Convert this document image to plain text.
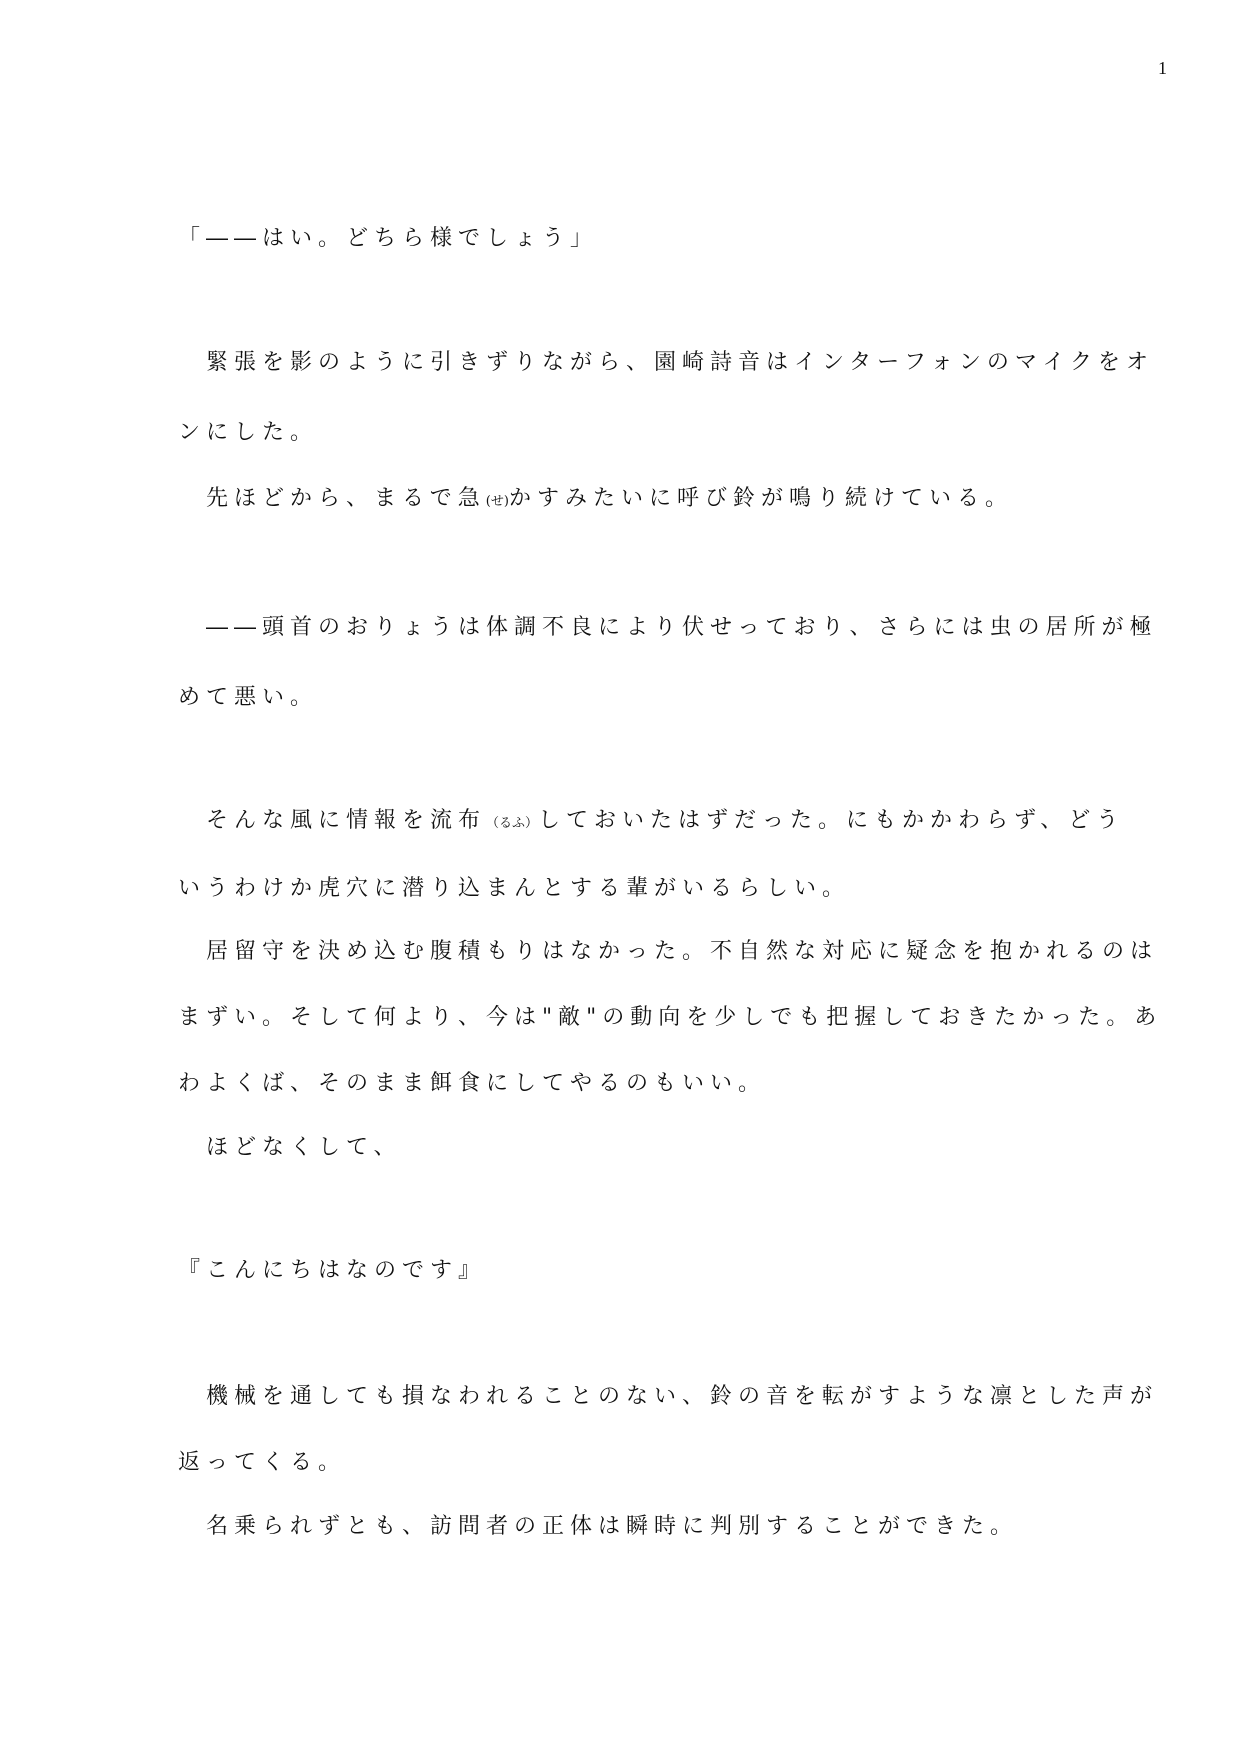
1
「――はい。どちら様でしょう」
　緊張を影のように引きずりながら、園崎詩音はインターフォンのマイクをオ
ンにした。
　先ほどから、まるで急(せ)かすみたいに呼び鈴が鳴り続けている。
　――頭首のおりょうは体調不良により伏せっており、さらには虫の居所が極
めて悪い。
　そんな風に情報を流布（るふ）しておいたはずだった。にもかかわらず、どう
いうわけか虎穴に潜り込まんとする輩がいるらしい。
　居留守を決め込む腹積もりはなかった。不自然な対応に疑念を抱かれるのは
まずい。そして何より、今は"敵"の動向を少しでも把握しておきたかった。あ
わよくば、そのまま餌食にしてやるのもいい。
　ほどなくして、
『こんにちはなのです』
　機械を通しても損なわれることのない、鈴の音を転がすような凛とした声が
返ってくる。
　名乗られずとも、訪問者の正体は瞬時に判別することができた。
